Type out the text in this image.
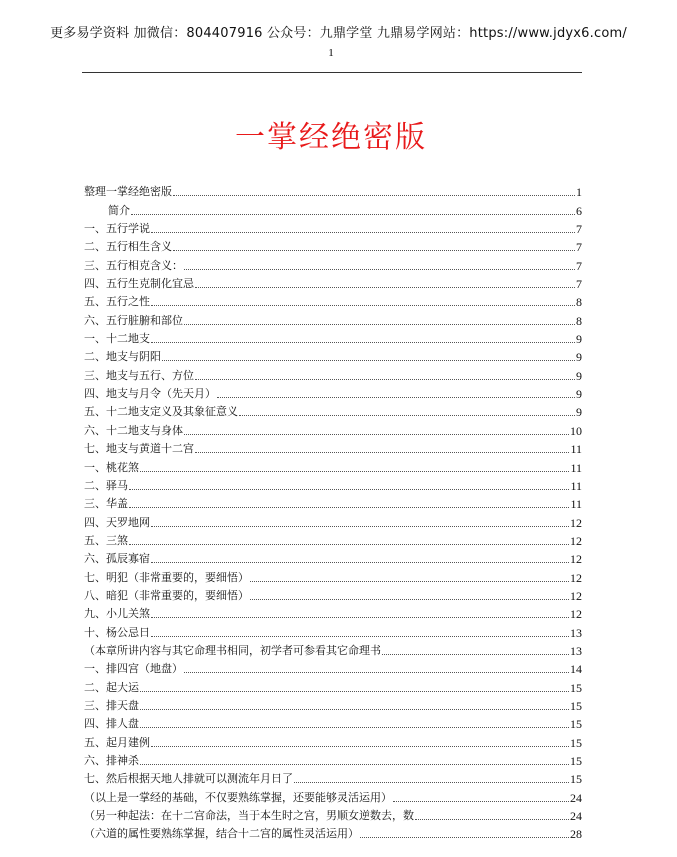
更多易学资料 加微信：804407916 公众号：九鼎学堂 九鼎易学网站：https://www.jdyx6.com/
1
一掌经绝密版
整理一掌经绝密版	1
简介	6
一、五行学说	7
二、五行相生含义	7
三、五行相克含义：	7
四、五行生克制化宜忌	7
五、五行之性	8
六、五行脏腑和部位	8
一、十二地支	9
二、地支与阴阳	9
三、地支与五行、方位	9
四、地支与月令（先天月）	9
五、十二地支定义及其象征意义	9
六、十二地支与身体	10
七、地支与黄道十二宫	11
一、桃花煞	11
二、驿马	11
三、华盖	11
四、天罗地网	12
五、三煞	12
六、孤辰寡宿	12
七、明犯（非常重要的，要细悟）	12
八、暗犯（非常重要的，要细悟）	12
九、小儿关煞	12
十、杨公忌日	13
（本章所讲内容与其它命理书相同，初学者可参看其它命理书	13
一、排四宫（地盘）	14
二、起大运	15
三、排天盘	15
四、排人盘	15
五、起月建例	15
六、排神杀	15
七、然后根据天地人排就可以测流年月日了	15
（以上是一掌经的基础，不仅要熟练掌握，还要能够灵活运用）	24
（另一种起法：在十二宫命法，当于本生时之宫，男顺女逆数去，数	24
（六道的属性要熟练掌握，结合十二宫的属性灵活运用）	28
